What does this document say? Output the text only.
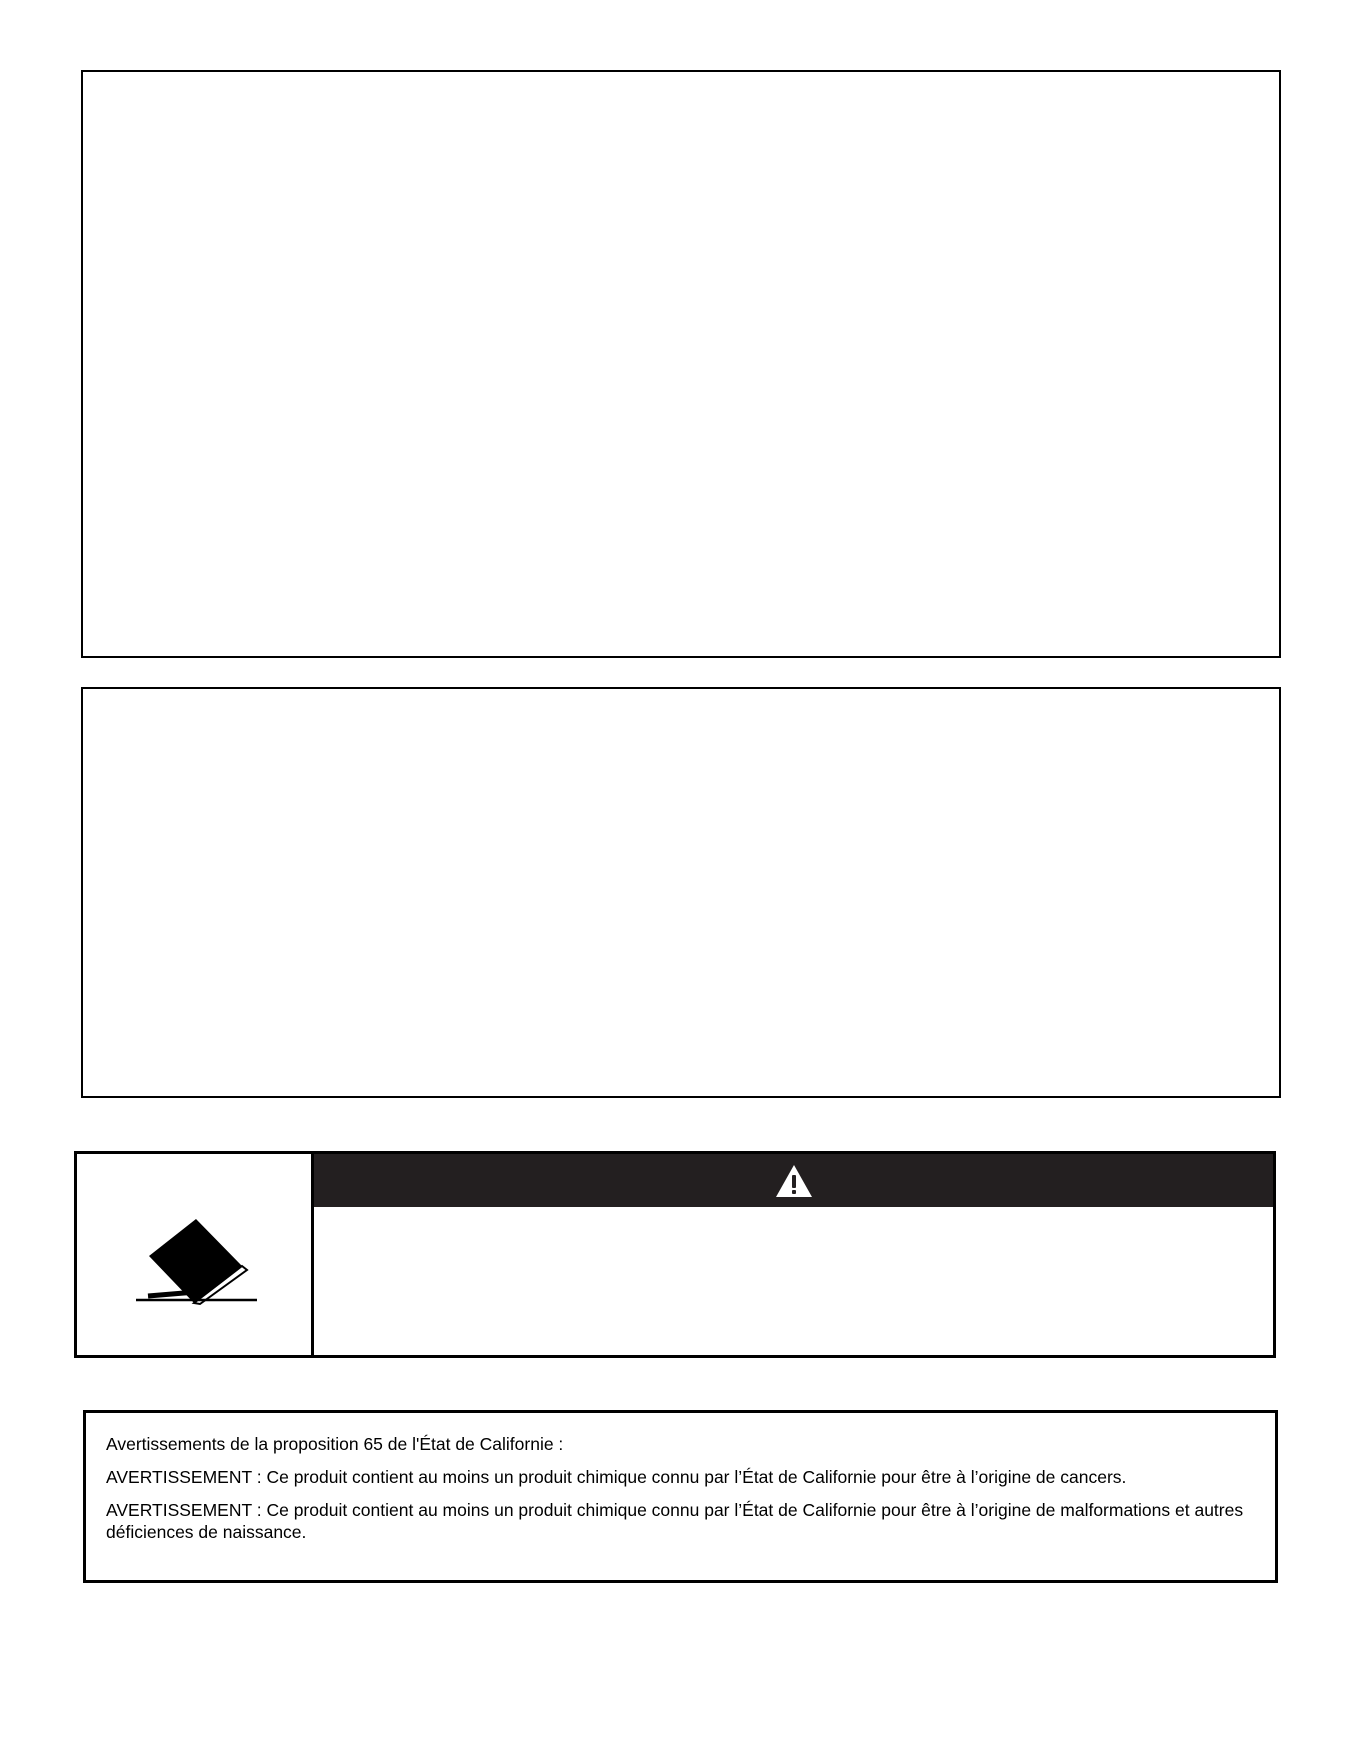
Avertissements de la proposition 65 de l'État de Californie :

AVERTISSEMENT : Ce produit contient au moins un produit chimique connu par l’État de Californie pour être à l’origine de cancers.

AVERTISSEMENT : Ce produit contient au moins un produit chimique connu par l’État de Californie pour être à l’origine de malformations et autres déficiences de naissance.
